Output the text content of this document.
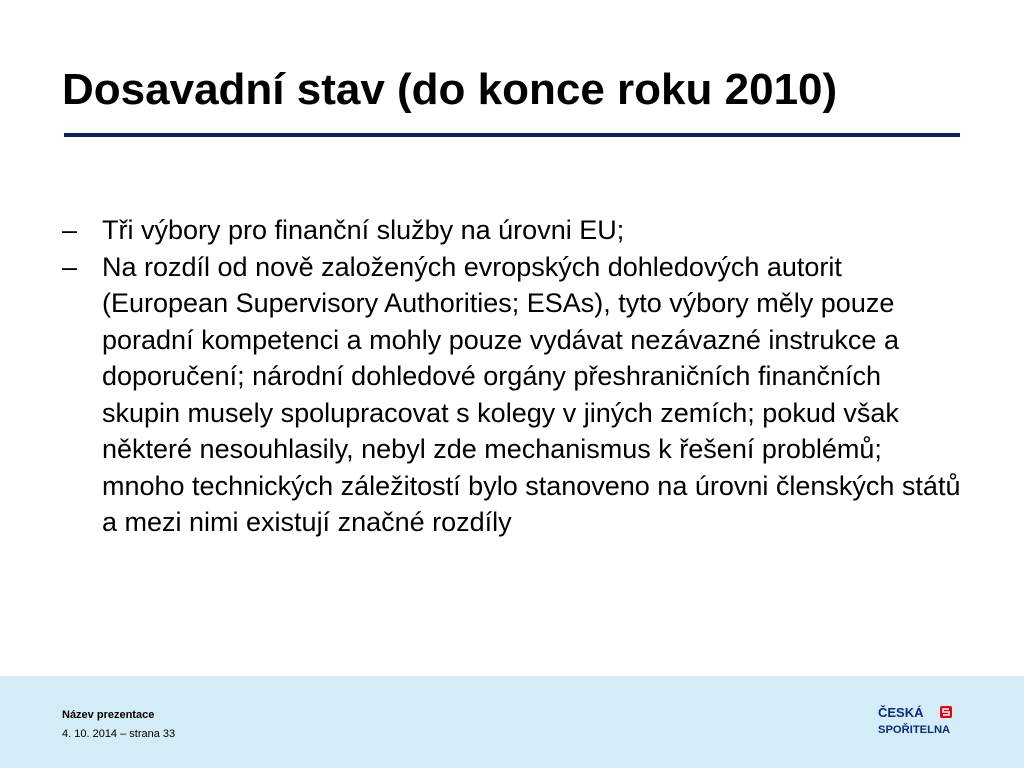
Dosavadní stav (do konce roku 2010)
– Tři výbory pro finanční služby na úrovni EU;
– Na rozdíl od nově založených evropských dohledových autorit (European Supervisory Authorities; ESAs), tyto výbory měly pouze poradní kompetenci a mohly pouze vydávat nezávazné instrukce a doporučení; národní dohledové orgány přeshraničních finančních skupin musely spolupracovat s kolegy v jiných zemích; pokud však některé nesouhlasily, nebyl zde mechanismus k řešení problémů; mnoho technických záležitostí bylo stanoveno na úrovni členských států a mezi nimi existují značné rozdíly
Název prezentace
4. 10. 2014 – strana 33
ČESKÁ
SPOŘITELNA
